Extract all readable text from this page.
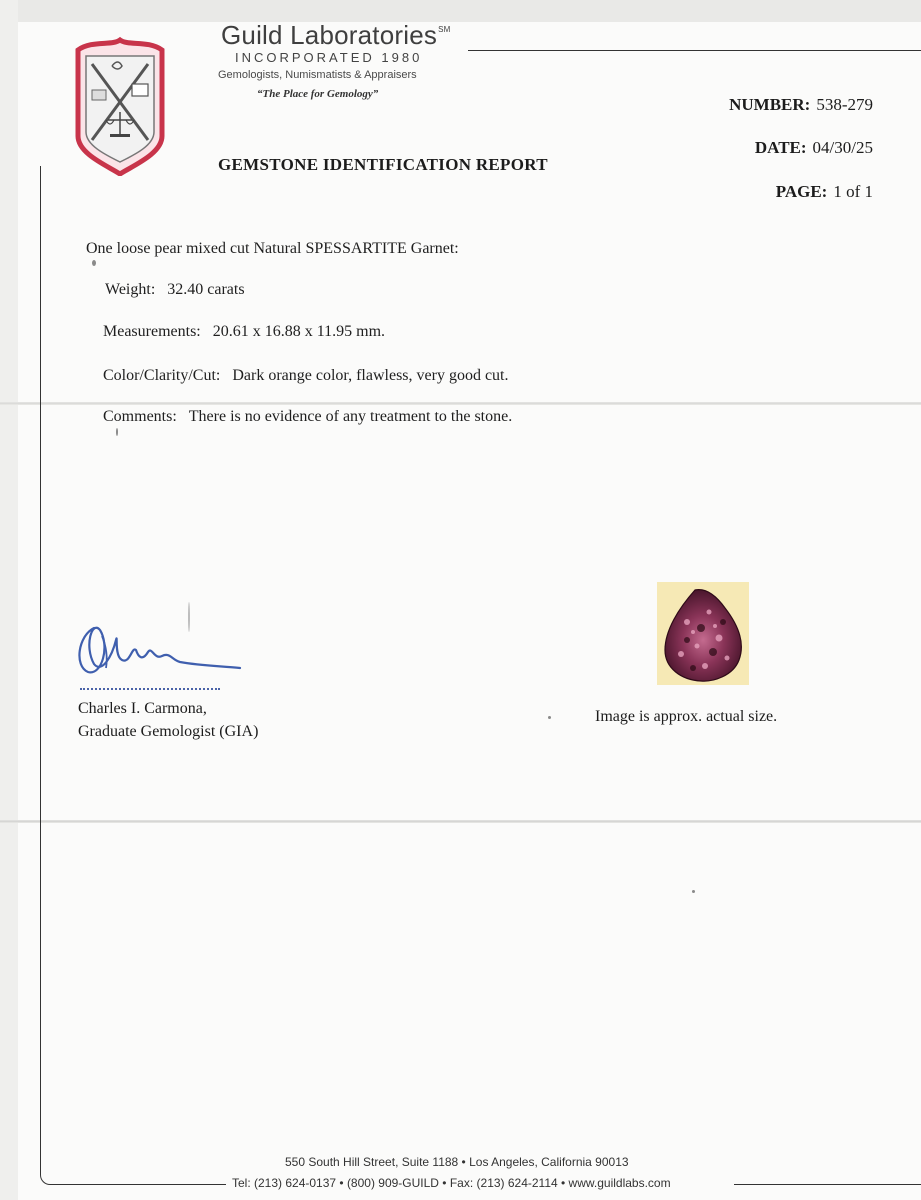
Guild Laboratories℠
INCORPORATED 1980
Gemologists, Numismatists & Appraisers
“The Place for Gemology”
GEMSTONE IDENTIFICATION REPORT
NUMBER: 538-279
DATE: 04/30/25
PAGE: 1 of 1
One loose pear mixed cut Natural SPESSARTITE Garnet:
Weight: 32.40 carats
Measurements: 20.61 x 16.88 x 11.95 mm.
Color/Clarity/Cut: Dark orange color, flawless, very good cut.
Comments: There is no evidence of any treatment to the stone.
Charles I. Carmona,
Graduate Gemologist (GIA)
Image is approx. actual size.
550 South Hill Street, Suite 1188 • Los Angeles, California 90013
Tel: (213) 624-0137 • (800) 909-GUILD • Fax: (213) 624-2114 • www.guildlabs.com
